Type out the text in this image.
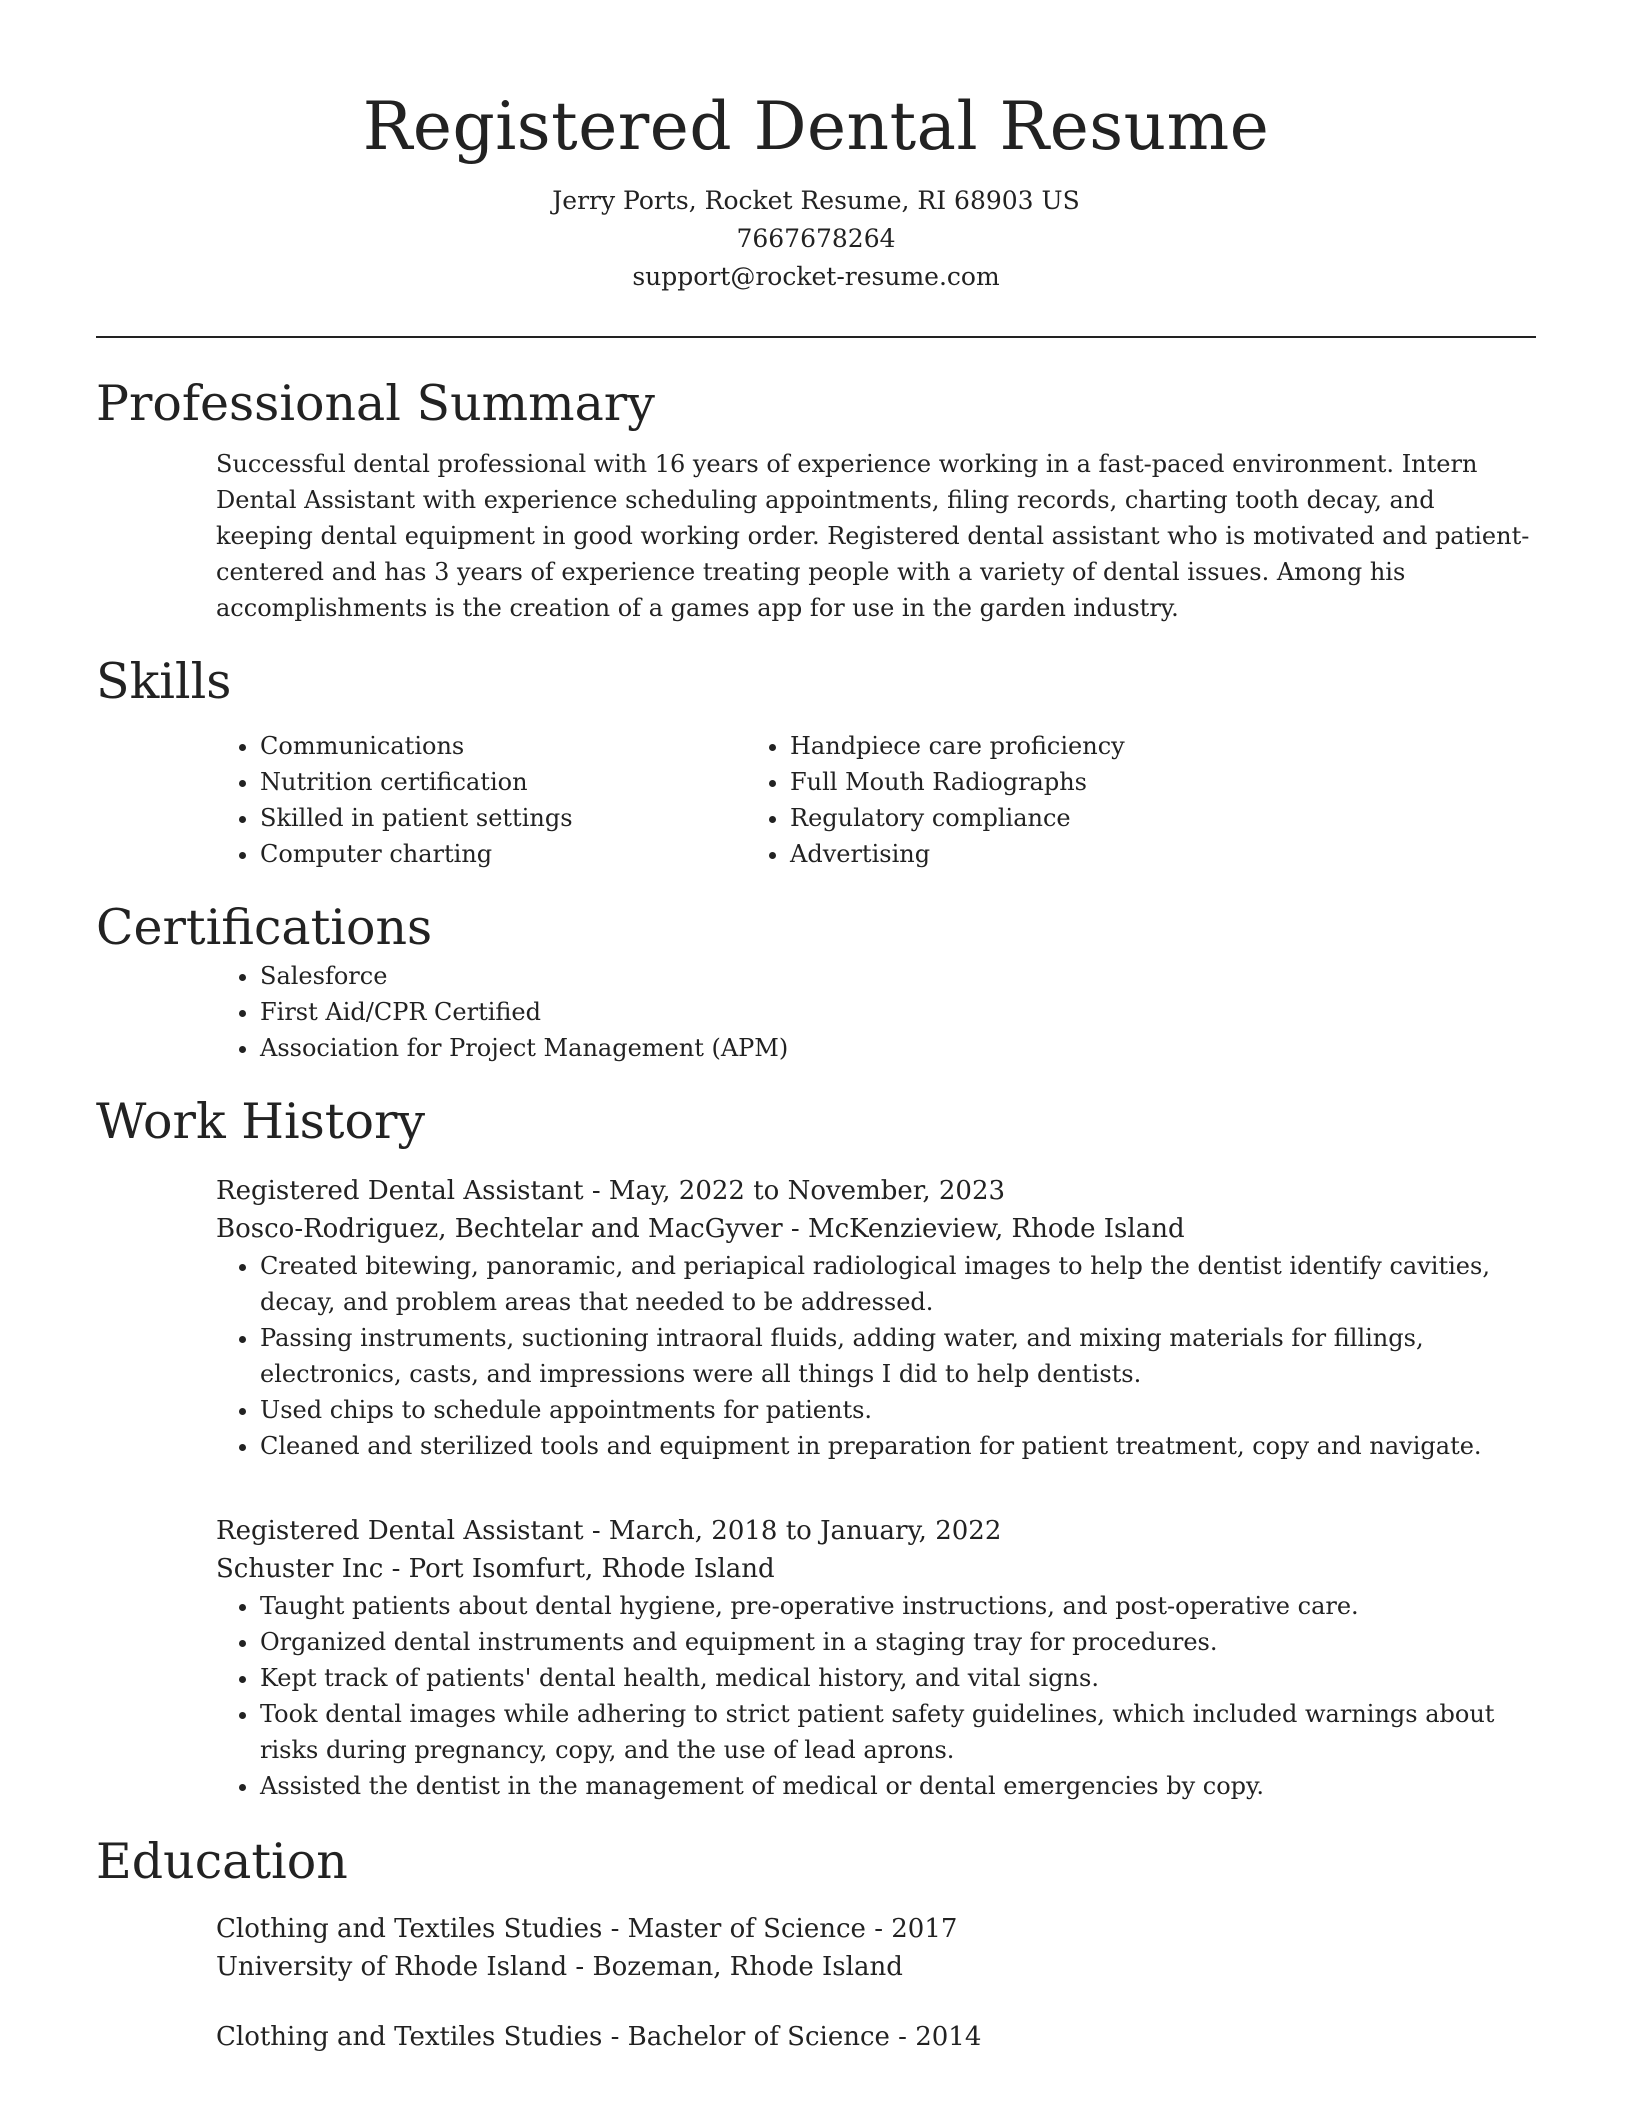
Registered Dental Resume
Jerry Ports, Rocket Resume, RI 68903 US
7667678264
support@rocket-resume.com
Professional Summary

Successful dental professional with 16 years of experience working in a fast-paced environment. Intern Dental Assistant with experience scheduling appointments, filing records, charting tooth decay, and keeping dental equipment in good working order. Registered dental assistant who is motivated and patient-centered and has 3 years of experience treating people with a variety of dental issues. Among his accomplishments is the creation of a games app for use in the garden industry.

Skills
• Communications
• Nutrition certification
• Skilled in patient settings
• Computer charting
• Handpiece care proficiency
• Full Mouth Radiographs
• Regulatory compliance
• Advertising
Certifications
• Salesforce
• First Aid/CPR Certified
• Association for Project Management (APM)
Work History
Registered Dental Assistant - May, 2022 to November, 2023
Bosco-Rodriguez, Bechtelar and MacGyver - McKenzieview, Rhode Island
• Created bitewing, panoramic, and periapical radiological images to help the dentist identify cavities, decay, and problem areas that needed to be addressed.
• Passing instruments, suctioning intraoral fluids, adding water, and mixing materials for fillings, electronics, casts, and impressions were all things I did to help dentists.
• Used chips to schedule appointments for patients.
• Cleaned and sterilized tools and equipment in preparation for patient treatment, copy and navigate.
Registered Dental Assistant - March, 2018 to January, 2022
Schuster Inc - Port Isomfurt, Rhode Island
• Taught patients about dental hygiene, pre-operative instructions, and post-operative care.
• Organized dental instruments and equipment in a staging tray for procedures.
• Kept track of patients' dental health, medical history, and vital signs.
• Took dental images while adhering to strict patient safety guidelines, which included warnings about risks during pregnancy, copy, and the use of lead aprons.
• Assisted the dentist in the management of medical or dental emergencies by copy.
Education
Clothing and Textiles Studies - Master of Science - 2017
University of Rhode Island - Bozeman, Rhode Island
Clothing and Textiles Studies - Bachelor of Science - 2014
